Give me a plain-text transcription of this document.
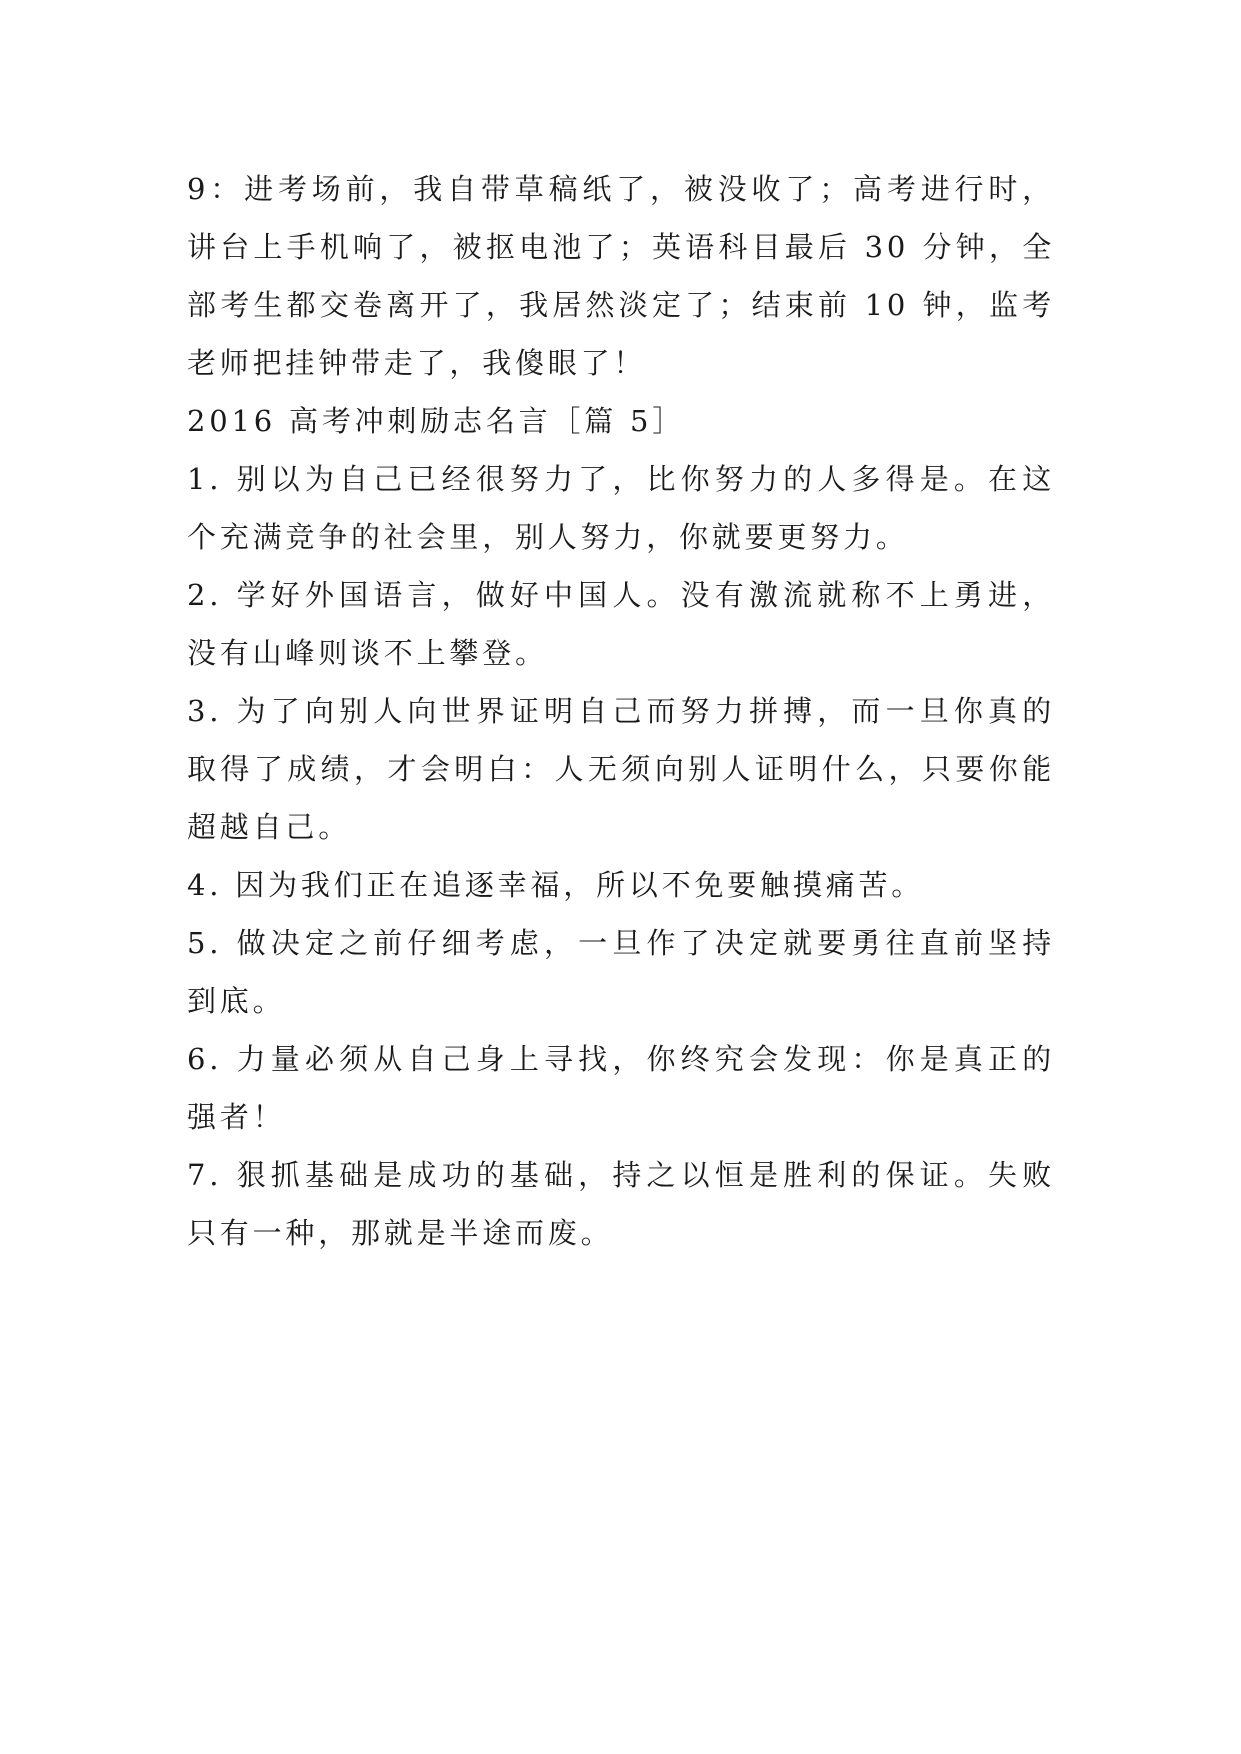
9：进考场前，我自带草稿纸了，被没收了；高考进行时，讲台上手机响了，被抠电池了；英语科目最后 30 分钟，全部考生都交卷离开了，我居然淡定了；结束前 10 钟，监考老师把挂钟带走了，我傻眼了！

2016 高考冲刺励志名言［篇 5］

1. 别以为自己已经很努力了，比你努力的人多得是。在这个充满竞争的社会里，别人努力，你就要更努力。

2. 学好外国语言，做好中国人。没有激流就称不上勇进，没有山峰则谈不上攀登。

3. 为了向别人向世界证明自己而努力拼搏，而一旦你真的取得了成绩，才会明白：人无须向别人证明什么，只要你能超越自己。

4. 因为我们正在追逐幸福，所以不免要触摸痛苦。

5. 做决定之前仔细考虑，一旦作了决定就要勇往直前坚持到底。

6. 力量必须从自己身上寻找，你终究会发现：你是真正的强者！

7. 狠抓基础是成功的基础，持之以恒是胜利的保证。失败只有一种，那就是半途而废。
